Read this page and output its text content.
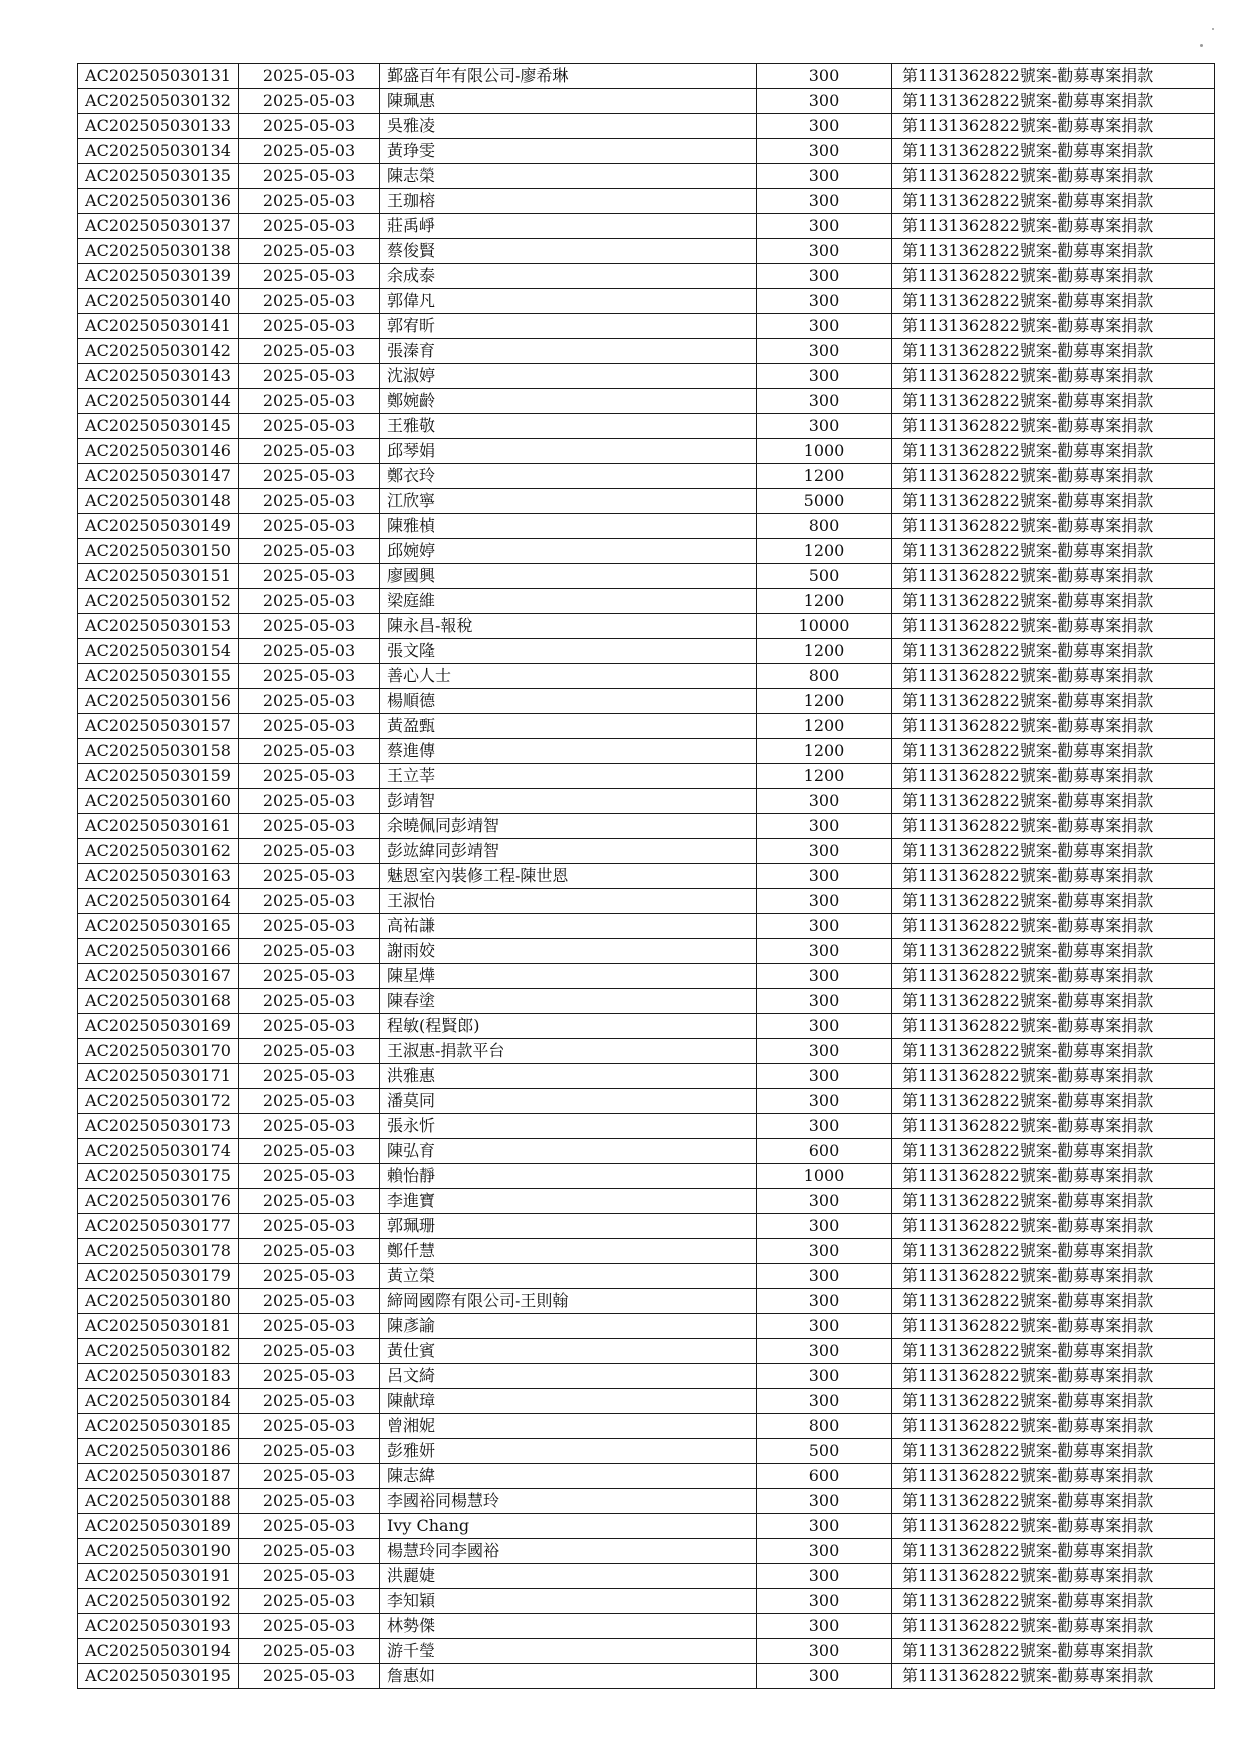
AC202505030131	2025-05-03	鄞盛百年有限公司-廖希琳	300	第1131362822號案-勸募專案捐款
AC202505030132	2025-05-03	陳珮惠	300	第1131362822號案-勸募專案捐款
AC202505030133	2025-05-03	吳雅凌	300	第1131362822號案-勸募專案捐款
AC202505030134	2025-05-03	黃琤雯	300	第1131362822號案-勸募專案捐款
AC202505030135	2025-05-03	陳志榮	300	第1131362822號案-勸募專案捐款
AC202505030136	2025-05-03	王珈榕	300	第1131362822號案-勸募專案捐款
AC202505030137	2025-05-03	莊禹崢	300	第1131362822號案-勸募專案捐款
AC202505030138	2025-05-03	蔡俊賢	300	第1131362822號案-勸募專案捐款
AC202505030139	2025-05-03	余成泰	300	第1131362822號案-勸募專案捐款
AC202505030140	2025-05-03	郭偉凡	300	第1131362822號案-勸募專案捐款
AC202505030141	2025-05-03	郭宥昕	300	第1131362822號案-勸募專案捐款
AC202505030142	2025-05-03	張溱育	300	第1131362822號案-勸募專案捐款
AC202505030143	2025-05-03	沈淑婷	300	第1131362822號案-勸募專案捐款
AC202505030144	2025-05-03	鄭婉齡	300	第1131362822號案-勸募專案捐款
AC202505030145	2025-05-03	王雅敬	300	第1131362822號案-勸募專案捐款
AC202505030146	2025-05-03	邱琴娟	1000	第1131362822號案-勸募專案捐款
AC202505030147	2025-05-03	鄭衣玲	1200	第1131362822號案-勸募專案捐款
AC202505030148	2025-05-03	江欣寧	5000	第1131362822號案-勸募專案捐款
AC202505030149	2025-05-03	陳雅楨	800	第1131362822號案-勸募專案捐款
AC202505030150	2025-05-03	邱婉婷	1200	第1131362822號案-勸募專案捐款
AC202505030151	2025-05-03	廖國興	500	第1131362822號案-勸募專案捐款
AC202505030152	2025-05-03	梁庭維	1200	第1131362822號案-勸募專案捐款
AC202505030153	2025-05-03	陳永昌-報稅	10000	第1131362822號案-勸募專案捐款
AC202505030154	2025-05-03	張文隆	1200	第1131362822號案-勸募專案捐款
AC202505030155	2025-05-03	善心人士	800	第1131362822號案-勸募專案捐款
AC202505030156	2025-05-03	楊順德	1200	第1131362822號案-勸募專案捐款
AC202505030157	2025-05-03	黃盈甄	1200	第1131362822號案-勸募專案捐款
AC202505030158	2025-05-03	蔡進傳	1200	第1131362822號案-勸募專案捐款
AC202505030159	2025-05-03	王立莘	1200	第1131362822號案-勸募專案捐款
AC202505030160	2025-05-03	彭靖智	300	第1131362822號案-勸募專案捐款
AC202505030161	2025-05-03	余曉佩同彭靖智	300	第1131362822號案-勸募專案捐款
AC202505030162	2025-05-03	彭竑緯同彭靖智	300	第1131362822號案-勸募專案捐款
AC202505030163	2025-05-03	魅恩室內裝修工程-陳世恩	300	第1131362822號案-勸募專案捐款
AC202505030164	2025-05-03	王淑怡	300	第1131362822號案-勸募專案捐款
AC202505030165	2025-05-03	高祐謙	300	第1131362822號案-勸募專案捐款
AC202505030166	2025-05-03	謝雨姣	300	第1131362822號案-勸募專案捐款
AC202505030167	2025-05-03	陳星燁	300	第1131362822號案-勸募專案捐款
AC202505030168	2025-05-03	陳春塗	300	第1131362822號案-勸募專案捐款
AC202505030169	2025-05-03	程敏(程賢郎)	300	第1131362822號案-勸募專案捐款
AC202505030170	2025-05-03	王淑惠-捐款平台	300	第1131362822號案-勸募專案捐款
AC202505030171	2025-05-03	洪雅惠	300	第1131362822號案-勸募專案捐款
AC202505030172	2025-05-03	潘莫同	300	第1131362822號案-勸募專案捐款
AC202505030173	2025-05-03	張永忻	300	第1131362822號案-勸募專案捐款
AC202505030174	2025-05-03	陳弘育	600	第1131362822號案-勸募專案捐款
AC202505030175	2025-05-03	賴怡靜	1000	第1131362822號案-勸募專案捐款
AC202505030176	2025-05-03	李進寶	300	第1131362822號案-勸募專案捐款
AC202505030177	2025-05-03	郭珮珊	300	第1131362822號案-勸募專案捐款
AC202505030178	2025-05-03	鄭仟慧	300	第1131362822號案-勸募專案捐款
AC202505030179	2025-05-03	黃立榮	300	第1131362822號案-勸募專案捐款
AC202505030180	2025-05-03	締岡國際有限公司-王則翰	300	第1131362822號案-勸募專案捐款
AC202505030181	2025-05-03	陳彥諭	300	第1131362822號案-勸募專案捐款
AC202505030182	2025-05-03	黃仕賓	300	第1131362822號案-勸募專案捐款
AC202505030183	2025-05-03	呂文綺	300	第1131362822號案-勸募專案捐款
AC202505030184	2025-05-03	陳献璋	300	第1131362822號案-勸募專案捐款
AC202505030185	2025-05-03	曾湘妮	800	第1131362822號案-勸募專案捐款
AC202505030186	2025-05-03	彭雅妍	500	第1131362822號案-勸募專案捐款
AC202505030187	2025-05-03	陳志緯	600	第1131362822號案-勸募專案捐款
AC202505030188	2025-05-03	李國裕同楊慧玲	300	第1131362822號案-勸募專案捐款
AC202505030189	2025-05-03	Ivy Chang	300	第1131362822號案-勸募專案捐款
AC202505030190	2025-05-03	楊慧玲同李國裕	300	第1131362822號案-勸募專案捐款
AC202505030191	2025-05-03	洪麗婕	300	第1131362822號案-勸募專案捐款
AC202505030192	2025-05-03	李知穎	300	第1131362822號案-勸募專案捐款
AC202505030193	2025-05-03	林勢傑	300	第1131362822號案-勸募專案捐款
AC202505030194	2025-05-03	游千瑩	300	第1131362822號案-勸募專案捐款
AC202505030195	2025-05-03	詹惠如	300	第1131362822號案-勸募專案捐款
